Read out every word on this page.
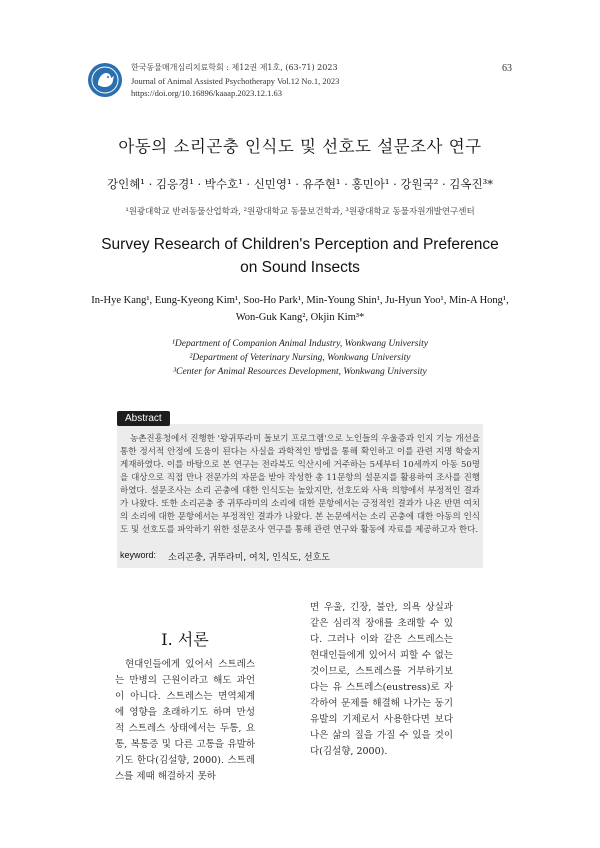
한국동물매개심리치료학회 : 제12권 제1호, (63-71) 2023
Journal of Animal Assisted Psychotherapy Vol.12 No.1, 2023
https://doi.org/10.16896/kaaap.2023.12.1.63
63
아동의 소리곤충 인식도 및 선호도 설문조사 연구
강인혜¹ · 김응경¹ · 박수호¹ · 신민영¹ · 유주현¹ · 홍민아¹ · 강원국² · 김옥진³*
¹원광대학교 반려동물산업학과, ²원광대학교 동물보건학과, ³원광대학교 동물자원개발연구센터
Survey Research of Children's Perception and Preference on Sound Insects
In-Hye Kang¹, Eung-Kyeong Kim¹, Soo-Ho Park¹, Min-Young Shin¹, Ju-Hyun Yoo¹, Min-A Hong¹, Won-Guk Kang², Okjin Kim³*
¹Department of Companion Animal Industry, Wonkwang University
²Department of Veterinary Nursing, Wonkwang University
³Center for Animal Resources Development, Wonkwang University
Abstract
농촌진흥청에서 진행한 '왕귀뚜라미 돌보기 프로그램'으로 노인들의 우울증과 인지 기능 개선을 통한 정서적 안정에 도움이 된다는 사실을 과학적인 방법을 통해 확인하고 이를 관련 지명 학술지 게재하였다. 이를 바탕으로 본 연구는 전라북도 익산시에 거주하는 5세부터 10세까지 아동 50명을 대상으로 직접 만나 전문가의 자문을 받아 작성한 총 11문항의 설문지를 활용하여 조사를 진행하였다. 설문조사는 소리 곤충에 대한 인식도는 높았지만, 선호도와 사육 의향에서 부정적인 결과가 나왔다. 또한 소리곤충 중 귀뚜라미의 소리에 대한 문항에서는 긍정적인 결과가 나온 반면 여치의 소리에 대한 문항에서는 부정적인 결과가 나왔다. 본 논문에서는 소리 곤충에 대한 아동의 인식도 및 선호도를 파악하기 위한 설문조사 연구를 통해 관련 연구와 활동에 자료를 제공하고자 한다.
keyword: 소리곤충, 귀뚜라미, 여치, 인식도, 선호도
Ⅰ. 서론
현대인들에게 있어서 스트레스는 만병의 근원이라고 해도 과언이 아니다. 스트레스는 면역체계에 영향을 초래하기도 하며 만성적 스트레스 상태에서는 두통, 요통, 복통증 및 다른 고통을 유발하기도 한다(김설향, 2000). 스트레스를 제때 해결하지 못하
면 우울, 긴장, 불안, 의욕 상실과 같은 심리적 장애를 초래할 수 있다. 그러나 이와 같은 스트레스는 현대인들에게 있어서 피할 수 없는 것이므로, 스트레스를 거부하기보다는 유 스트레스(eustress)로 자각하여 문제를 해결해 나가는 동기유발의 기제로서 사용한다면 보다 나은 삶의 질을 가질 수 있을 것이다(김설향, 2000).
